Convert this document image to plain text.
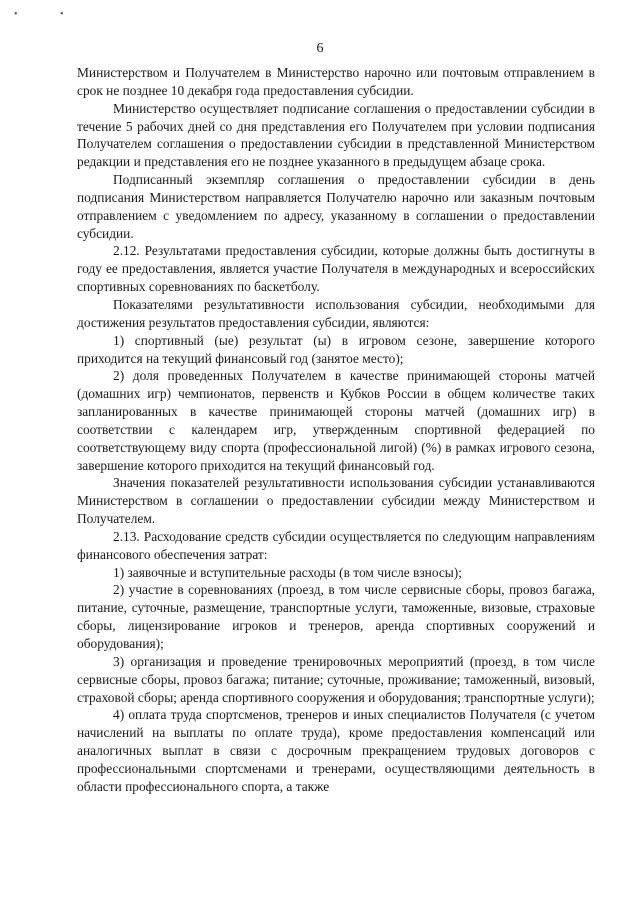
• •
6

Министерством и Получателем в Министерство нарочно или почтовым отправлением в срок не позднее 10 декабря года предоставления субсидии.

Министерство осуществляет подписание соглашения о предоставлении субсидии в течение 5 рабочих дней со дня представления его Получателем при условии подписания Получателем соглашения о предоставлении субсидии в представленной Министерством редакции и представления его не позднее указанного в предыдущем абзаце срока.

Подписанный экземпляр соглашения о предоставлении субсидии в день подписания Министерством направляется Получателю нарочно или заказным почтовым отправлением с уведомлением по адресу, указанному в соглашении о предоставлении субсидии.

2.12. Результатами предоставления субсидии, которые должны быть достигнуты в году ее предоставления, является участие Получателя в международных и всероссийских спортивных соревнованиях по баскетболу.

Показателями результативности использования субсидии, необходимыми для достижения результатов предоставления субсидии, являются:

1) спортивный (ые) результат (ы) в игровом сезоне, завершение которого приходится на текущий финансовый год (занятое место);

2) доля проведенных Получателем в качестве принимающей стороны матчей (домашних игр) чемпионатов, первенств и Кубков России в общем количестве таких запланированных в качестве принимающей стороны матчей (домашних игр) в соответствии с календарем игр, утвержденным спортивной федерацией по соответствующему виду спорта (профессиональной лигой) (%) в рамках игрового сезона, завершение которого приходится на текущий финансовый год.

Значения показателей результативности использования субсидии устанавливаются Министерством в соглашении о предоставлении субсидии между Министерством и Получателем.

2.13. Расходование средств субсидии осуществляется по следующим направлениям финансового обеспечения затрат:

1) заявочные и вступительные расходы (в том числе взносы);

2) участие в соревнованиях (проезд, в том числе сервисные сборы, провоз багажа, питание, суточные, размещение, транспортные услуги, таможенные, визовые, страховые сборы, лицензирование игроков и тренеров, аренда спортивных сооружений и оборудования);

3) организация и проведение тренировочных мероприятий (проезд, в том числе сервисные сборы, провоз багажа; питание; суточные, проживание; таможенный, визовый, страховой сборы; аренда спортивного сооружения и оборудования; транспортные услуги);

4) оплата труда спортсменов, тренеров и иных специалистов Получателя (с учетом начислений на выплаты по оплате труда), кроме предоставления компенсаций или аналогичных выплат в связи с досрочным прекращением трудовых договоров с профессиональными спортсменами и тренерами, осуществляющими деятельность в области профессионального спорта, а также
